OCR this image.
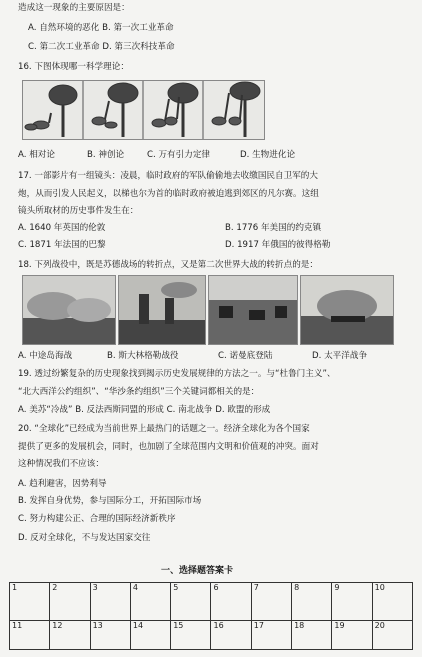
造成这一现象的主要原因是：
A. 自然环境的恶化 B. 第一次工业革命
C. 第二次工业革命 D. 第三次科技革命
16. 下图体现哪一科学理论：
A. 相对论	B. 神创论	C. 万有引力定律	D. 生物进化论
17. 一部影片有一组镜头：凌晨，临时政府的军队偷偷地去收缴国民自卫军的大
炮，从而引发人民起义，以梯也尔为首的临时政府被迫逃到郊区的凡尔赛。这组
镜头所取材的历史事件发生在：
A. 1640 年英国的伦敦	B. 1776 年美国的约克镇
C. 1871 年法国的巴黎	D. 1917 年俄国的彼得格勒
18. 下列战役中，既是苏德战场的转折点，又是第二次世界大战的转折点的是：
A. 中途岛海战	B. 斯大林格勒战役	C. 诺曼底登陆	D. 太平洋战争
19. 透过纷繁复杂的历史现象找到揭示历史发展规律的方法之一。与“杜鲁门主义”、
“北大西洋公约组织”、“华沙条约组织”三个关键词都相关的是：
A. 美苏“冷战” B. 反法西斯同盟的形成 C. 南北战争 D. 欧盟的形成
20. “全球化”已经成为当前世界上最热门的话题之一。经济全球化为各个国家
提供了更多的发展机会，同时，也加剧了全球范围内文明和价值观的冲突。面对
这种情况我们不应该：
A. 趋利避害，因势利导
B. 发挥自身优势，参与国际分工，开拓国际市场
C. 努力构建公正、合理的国际经济新秩序
D. 反对全球化，不与发达国家交往
一、选择题答案卡
1	2	3	4	5	6	7	8	9	10
11	12	13	14	15	16	17	18	19	20
